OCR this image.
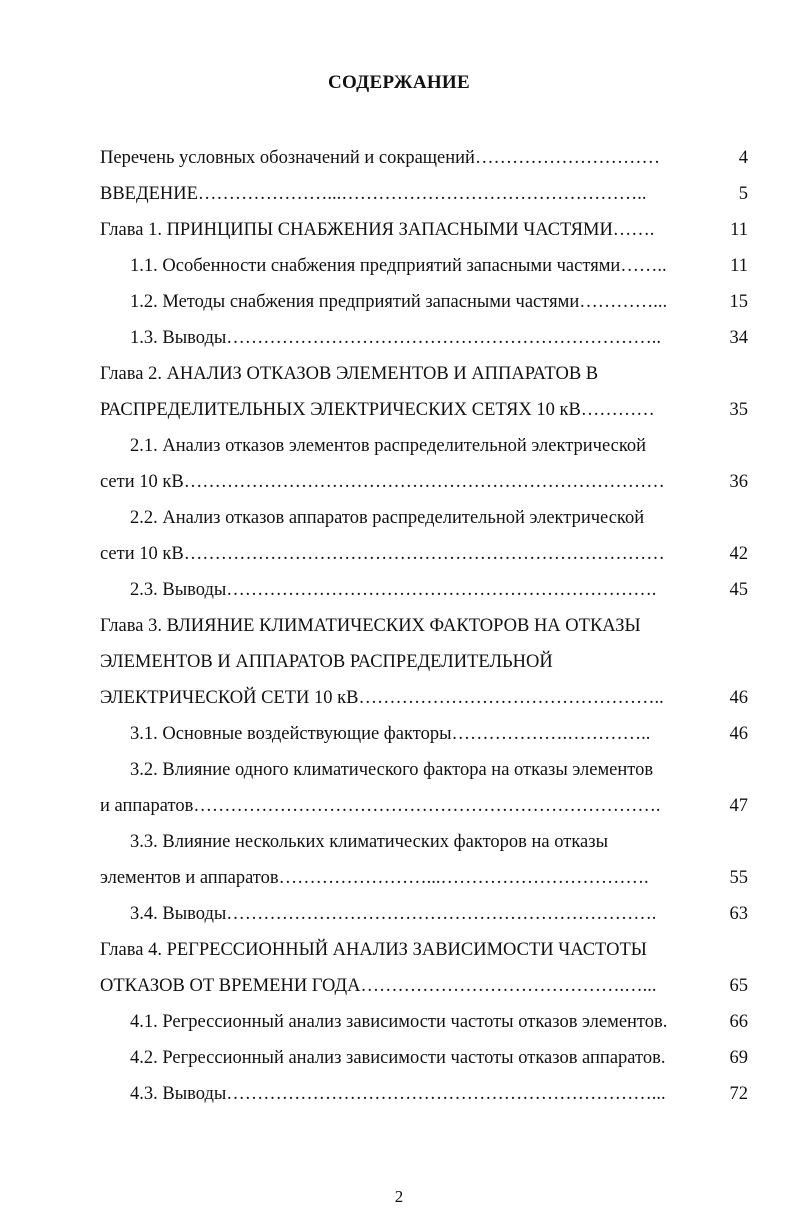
СОДЕРЖАНИЕ
Перечень условных обозначений и сокращений…………………………	4
ВВЕДЕНИЕ…………………...…………………………………………..	5
Глава 1. ПРИНЦИПЫ СНАБЖЕНИЯ ЗАПАСНЫМИ ЧАСТЯМИ…….	11
1.1. Особенности снабжения предприятий запасными частями……..	11
1.2. Методы снабжения предприятий запасными частями…………...	15
1.3. Выводы……………………………………………………………..	34
Глава 2. АНАЛИЗ ОТКАЗОВ ЭЛЕМЕНТОВ И АППАРАТОВ В
РАСПРЕДЕЛИТЕЛЬНЫХ ЭЛЕКТРИЧЕСКИХ СЕТЯХ 10 кВ…………	35
2.1. Анализ отказов элементов распределительной электрической
сети 10 кВ……………………………………………………………………	36
2.2. Анализ отказов аппаратов распределительной электрической
сети 10 кВ……………………………………………………………………	42
2.3. Выводы…………………………………………………………….	45
Глава 3. ВЛИЯНИЕ КЛИМАТИЧЕСКИХ ФАКТОРОВ НА ОТКАЗЫ
ЭЛЕМЕНТОВ И АППАРАТОВ РАСПРЕДЕЛИТЕЛЬНОЙ
ЭЛЕКТРИЧЕСКОЙ СЕТИ 10 кВ…………………………………………..	46
3.1. Основные воздействующие факторы……………….…………..	46
3.2. Влияние одного климатического фактора на отказы элементов
и аппаратов………………………………………………………………….	47
3.3. Влияние нескольких климатических факторов на отказы
элементов и аппаратов……………………...…………………………….	55
3.4. Выводы…………………………………………………………….	63
Глава 4. РЕГРЕССИОННЫЙ АНАЛИЗ ЗАВИСИМОСТИ ЧАСТОТЫ
ОТКАЗОВ ОТ ВРЕМЕНИ ГОДА…………………………………….…...	65
4.1. Регрессионный анализ зависимости частоты отказов элементов.	66
4.2. Регрессионный анализ зависимости частоты отказов аппаратов.	69
4.3. Выводы……………………………………………………………...	72
2
